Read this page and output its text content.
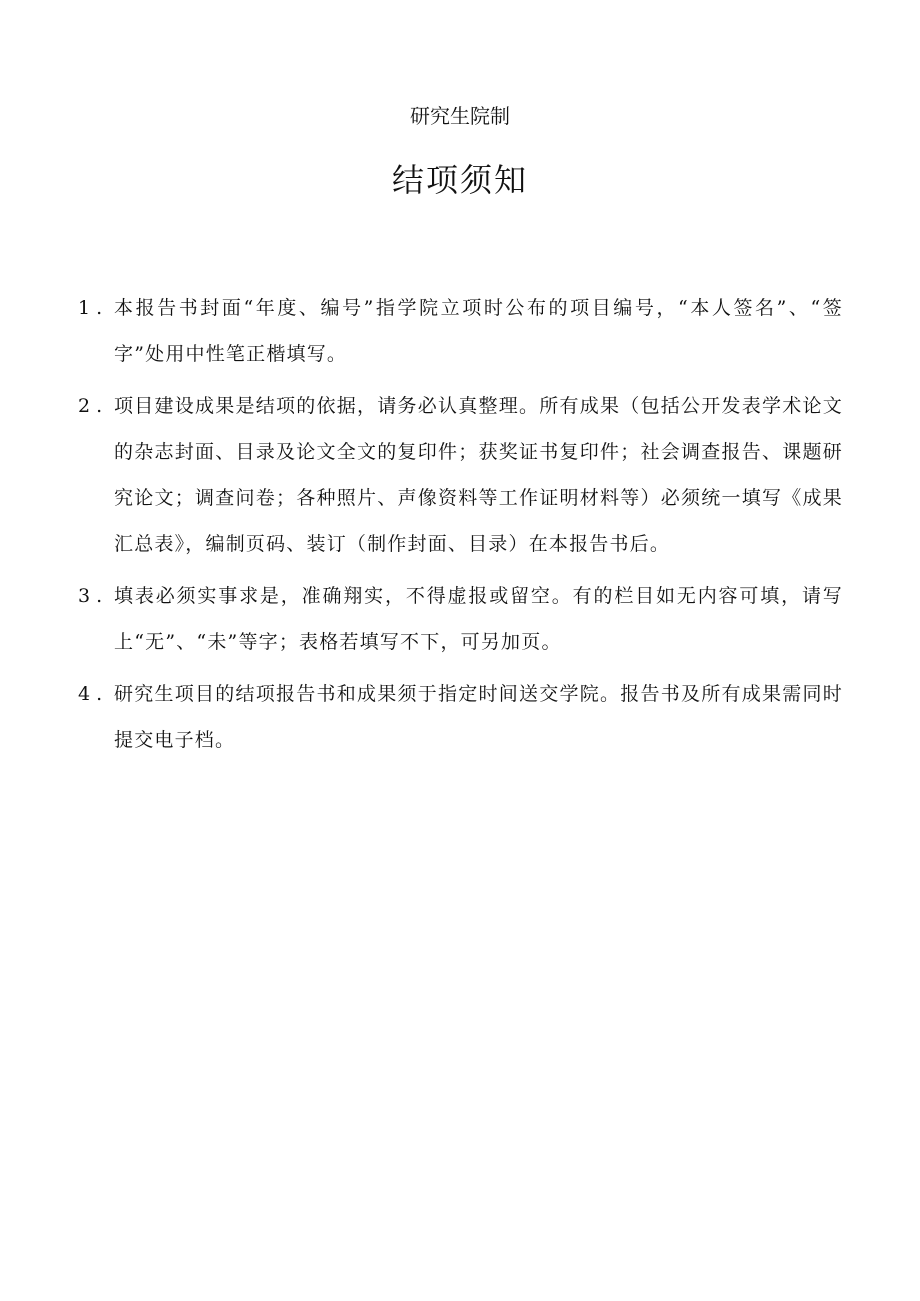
研究生院制
结项须知
1 . 本报告书封面“年度、编号”指学院立项时公布的项目编号，“本人签名”、“签字”处用中性笔正楷填写。
2 . 项目建设成果是结项的依据，请务必认真整理。所有成果（包括公开发表学术论文的杂志封面、目录及论文全文的复印件；获奖证书复印件；社会调查报告、课题研究论文；调查问卷；各种照片、声像资料等工作证明材料等）必须统一填写《成果汇总表》，编制页码、装订（制作封面、目录）在本报告书后。
3 . 填表必须实事求是，准确翔实，不得虚报或留空。有的栏目如无内容可填，请写上“无”、“未”等字；表格若填写不下，可另加页。
4 . 研究生项目的结项报告书和成果须于指定时间送交学院。报告书及所有成果需同时提交电子档。
